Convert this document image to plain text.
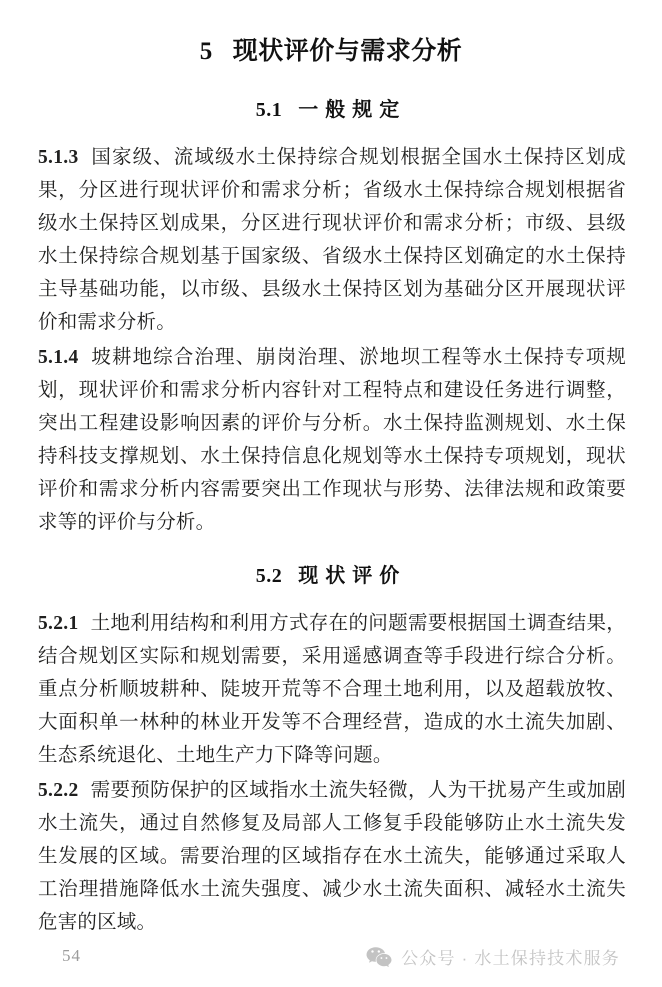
5 现状评价与需求分析
5.1 一般规定

5.1.3 国家级、流域级水土保持综合规划根据全国水土保持区划成果，分区进行现状评价和需求分析；省级水土保持综合规划根据省级水土保持区划成果，分区进行现状评价和需求分析；市级、县级水土保持综合规划基于国家级、省级水土保持区划确定的水土保持主导基础功能，以市级、县级水土保持区划为基础分区开展现状评价和需求分析。

5.1.4 坡耕地综合治理、崩岗治理、淤地坝工程等水土保持专项规划，现状评价和需求分析内容针对工程特点和建设任务进行调整，突出工程建设影响因素的评价与分析。水土保持监测规划、水土保持科技支撑规划、水土保持信息化规划等水土保持专项规划，现状评价和需求分析内容需要突出工作现状与形势、法律法规和政策要求等的评价与分析。

5.2 现状评价

5.2.1 土地利用结构和利用方式存在的问题需要根据国土调查结果，结合规划区实际和规划需要，采用遥感调查等手段进行综合分析。重点分析顺坡耕种、陡坡开荒等不合理土地利用，以及超载放牧、大面积单一林种的林业开发等不合理经营，造成的水土流失加剧、生态系统退化、土地生产力下降等问题。

5.2.2 需要预防保护的区域指水土流失轻微，人为干扰易产生或加剧水土流失，通过自然修复及局部人工修复手段能够防止水土流失发生发展的区域。需要治理的区域指存在水土流失，能够通过采取人工治理措施降低水土流失强度、减少水土流失面积、减轻水土流失危害的区域。

54	公众号 · 水土保持技术服务
